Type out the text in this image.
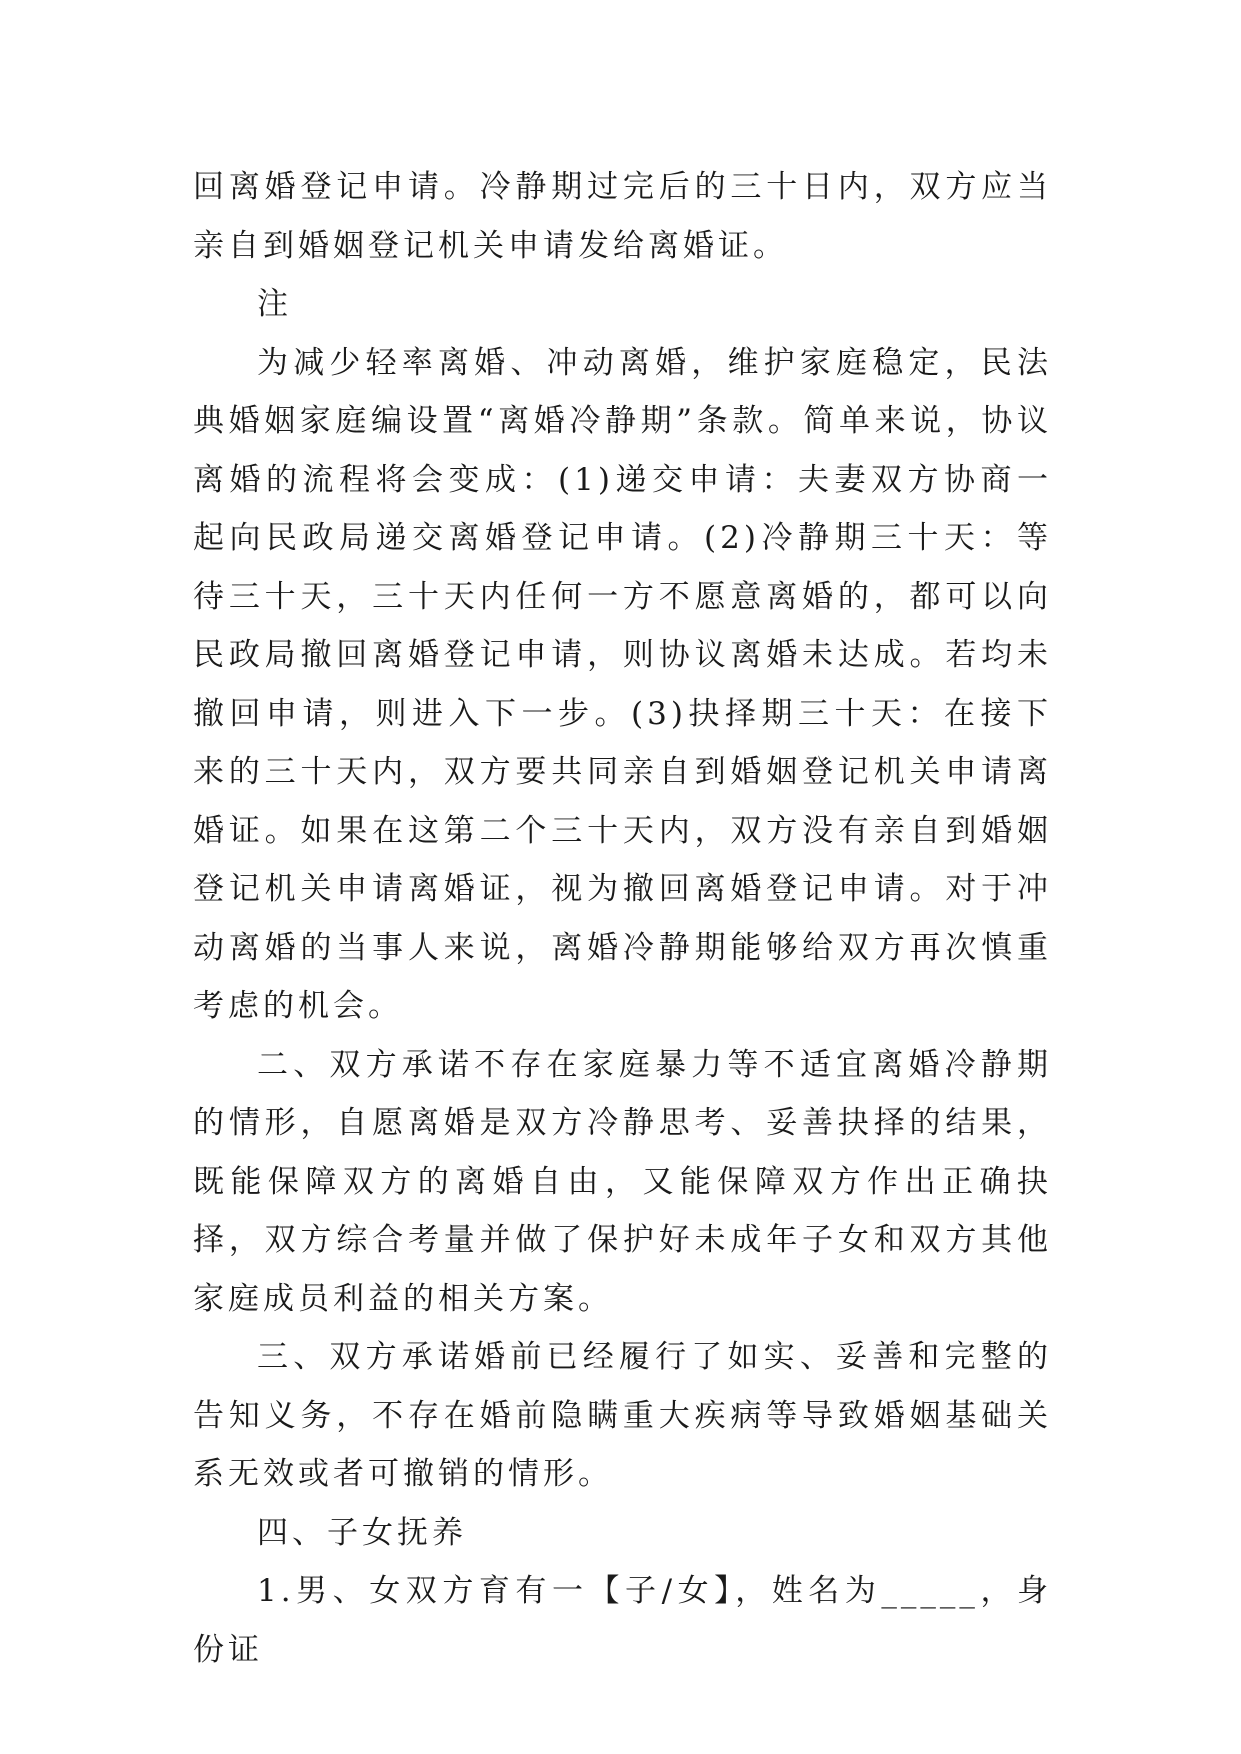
回离婚登记申请。冷静期过完后的三十日内，双方应当亲自到婚姻登记机关申请发给离婚证。

注

为减少轻率离婚、冲动离婚，维护家庭稳定，民法典婚姻家庭编设置“离婚冷静期”条款。简单来说，协议离婚的流程将会变成：(1)递交申请：夫妻双方协商一起向民政局递交离婚登记申请。(2)冷静期三十天：等待三十天，三十天内任何一方不愿意离婚的，都可以向民政局撤回离婚登记申请，则协议离婚未达成。若均未撤回申请，则进入下一步。(3)抉择期三十天：在接下来的三十天内，双方要共同亲自到婚姻登记机关申请离婚证。如果在这第二个三十天内，双方没有亲自到婚姻登记机关申请离婚证，视为撤回离婚登记申请。对于冲动离婚的当事人来说，离婚冷静期能够给双方再次慎重考虑的机会。

二、双方承诺不存在家庭暴力等不适宜离婚冷静期的情形，自愿离婚是双方冷静思考、妥善抉择的结果，既能保障双方的离婚自由，又能保障双方作出正确抉择，双方综合考量并做了保护好未成年子女和双方其他家庭成员利益的相关方案。

三、双方承诺婚前已经履行了如实、妥善和完整的告知义务，不存在婚前隐瞒重大疾病等导致婚姻基础关系无效或者可撤销的情形。

四、子女抚养

1.男、女双方育有一【子/女】，姓名为_____，身份证
